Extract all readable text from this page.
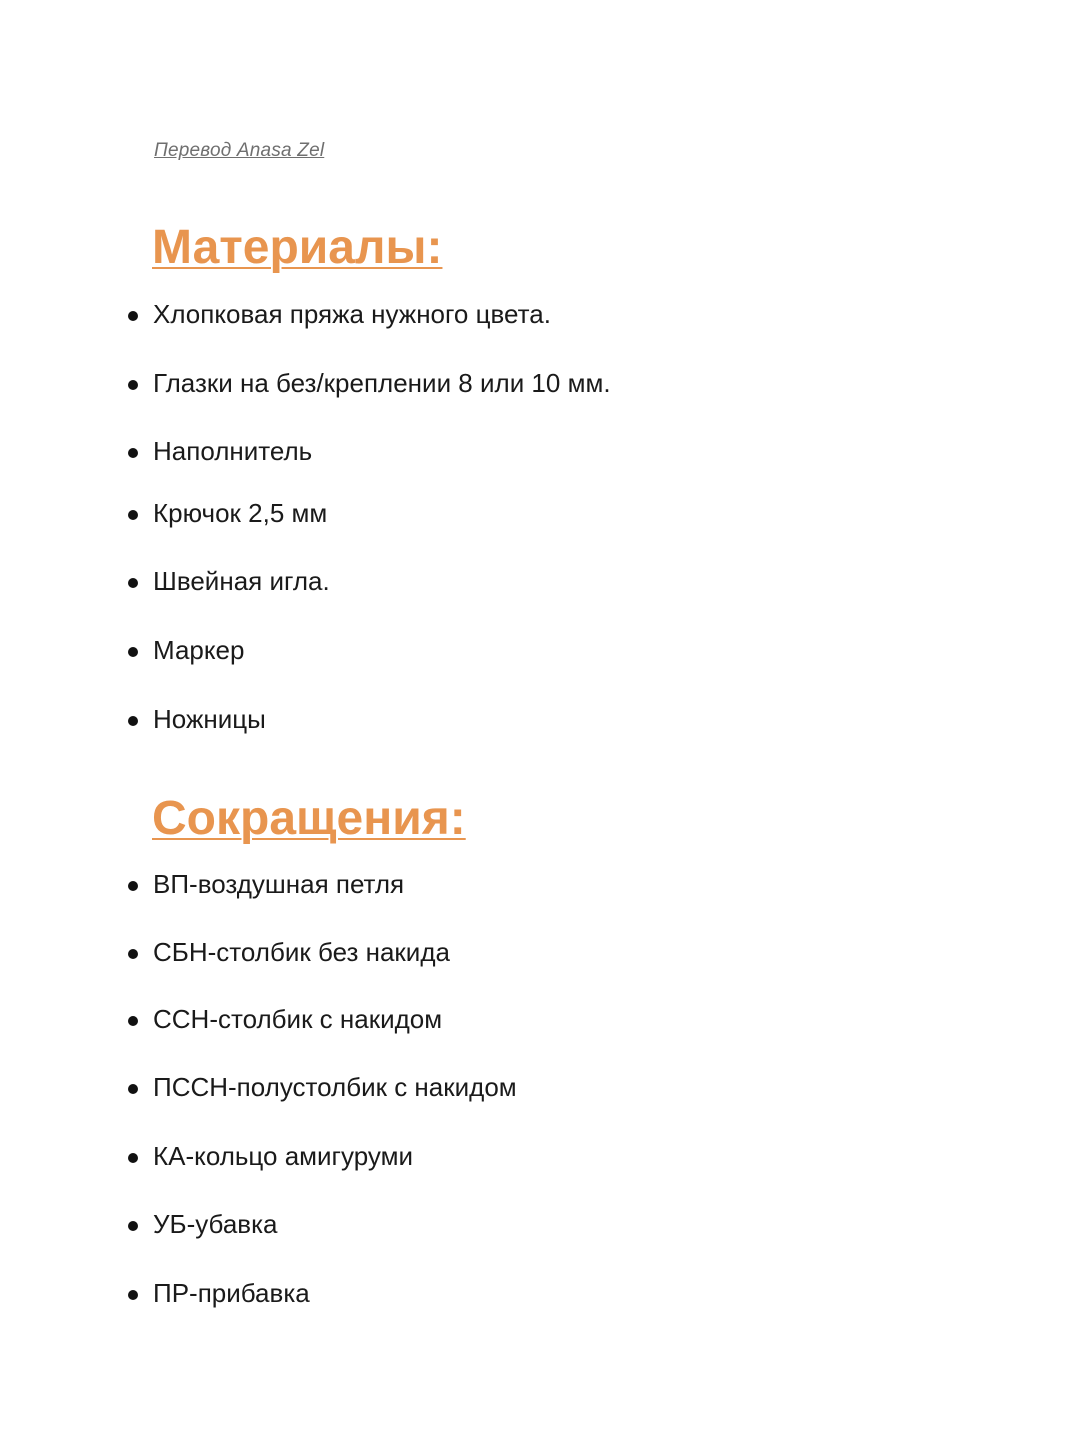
Перевод Anasa Zel
Материалы:
Хлопковая пряжа нужного цвета.
Глазки на без/креплении 8 или 10 мм.
Наполнитель
Крючок 2,5 мм
Швейная игла.
Маркер
Ножницы
Сокращения:
ВП-воздушная петля
СБН-столбик без накида
ССН-столбик с накидом
ПССН-полустолбик с накидом
КА-кольцо амигуруми
УБ-убавка
ПР-прибавка
